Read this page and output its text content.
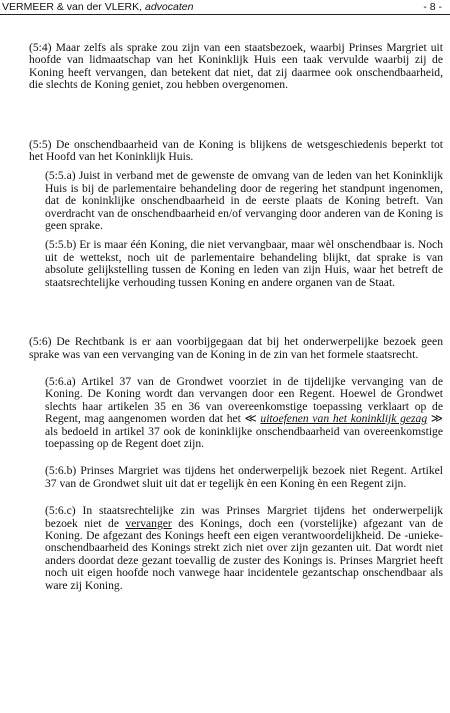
VERMEER & van der VLERK, advocaten	- 8 -

(5:4) Maar zelfs als sprake zou zijn van een staatsbezoek, waarbij Prinses Margriet uit hoofde van lidmaatschap van het Koninklijk Huis een taak vervulde waarbij zij de Koning heeft vervangen, dan betekent dat niet, dat zij daarmee ook onschendbaarheid, die slechts de Koning geniet, zou hebben overgenomen.

(5:5) De onschendbaarheid van de Koning is blijkens de wetsgeschiedenis beperkt tot het Hoofd van het Koninklijk Huis.

(5:5.a) Juist in verband met de gewenste de omvang van de leden van het Koninklijk Huis is bij de parlementaire behandeling door de regering het standpunt ingenomen, dat de koninklijke onschendbaarheid in de eerste plaats de Koning betreft. Van overdracht van de onschendbaarheid en/of vervanging door anderen van de Koning is geen sprake.

(5:5.b) Er is maar één Koning, die niet vervangbaar, maar wèl onschendbaar is. Noch uit de wettekst, noch uit de parlementaire behandeling blijkt, dat sprake is van absolute gelijkstelling tussen de Koning en leden van zijn Huis, waar het betreft de staatsrechtelijke verhouding tussen Koning en andere organen van de Staat.

(5:6) De Rechtbank is er aan voorbijgegaan dat bij het onderwerpelijke bezoek geen sprake was van een vervanging van de Koning in de zin van het formele staatsrecht.

(5:6.a) Artikel 37 van de Grondwet voorziet in de tijdelijke vervanging van de Koning. De Koning wordt dan vervangen door een Regent. Hoewel de Grondwet slechts haar artikelen 35 en 36 van overeenkomstige toepassing verklaart op de Regent, mag aangenomen worden dat het ≪ uitoefenen van het koninklijk gezag ≫ als bedoeld in artikel 37 ook de koninklijke onschendbaarheid van overeenkomstige toepassing op de Regent doet zijn.

(5:6.b) Prinses Margriet was tijdens het onderwerpelijk bezoek niet Regent. Artikel 37 van de Grondwet sluit uit dat er tegelijk èn een Koning èn een Regent zijn.

(5:6.c) In staatsrechtelijke zin was Prinses Margriet tijdens het onderwerpelijk bezoek niet de vervanger des Konings, doch een (vorstelijke) afgezant van de Koning. De afgezant des Konings heeft een eigen verantwoordelijkheid. De -unieke- onschendbaarheid des Konings strekt zich niet over zijn gezanten uit. Dat wordt niet anders doordat deze gezant toevallig de zuster des Konings is. Prinses Margriet heeft noch uit eigen hoofde noch vanwege haar incidentele gezantschap onschendbaar als ware zij Koning.
